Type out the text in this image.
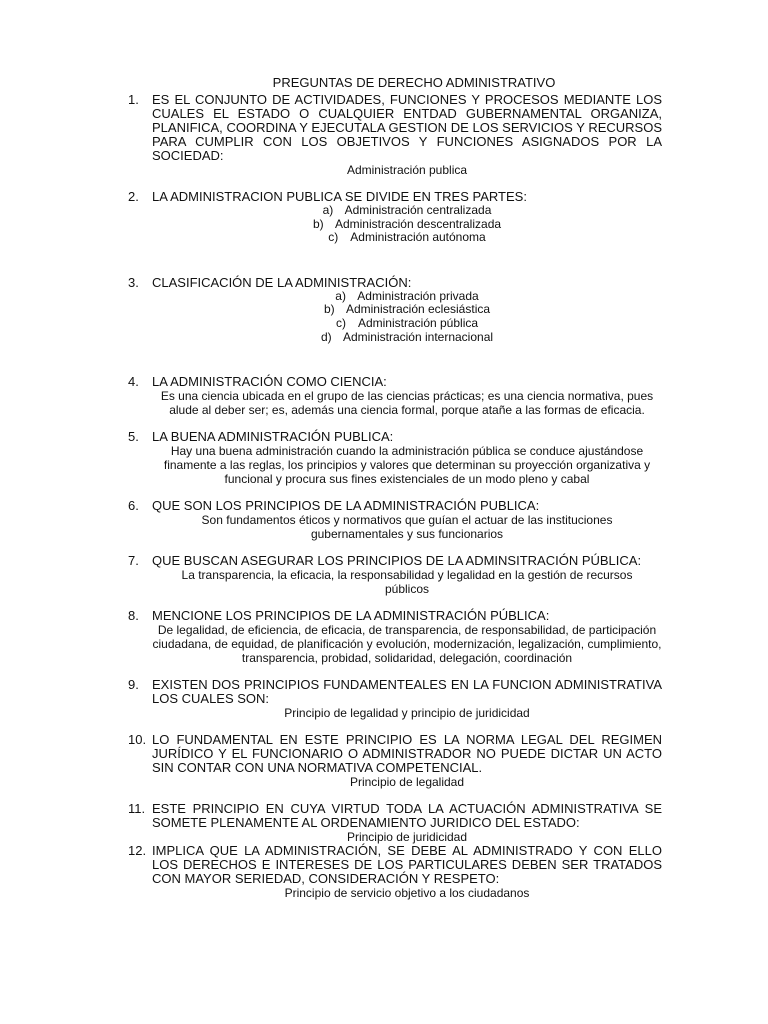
PREGUNTAS DE DERECHO ADMINISTRATIVO
1.	ES EL CONJUNTO DE ACTIVIDADES, FUNCIONES Y PROCESOS MEDIANTE LOS CUALES EL ESTADO O CUALQUIER ENTDAD GUBERNAMENTAL ORGANIZA, PLANIFICA, COORDINA Y EJECUTALA GESTION DE LOS SERVICIOS Y RECURSOS PARA CUMPLIR CON LOS OBJETIVOS Y FUNCIONES ASIGNADOS POR LA SOCIEDAD:
Administración publica
2.	LA ADMINISTRACION PUBLICA SE DIVIDE EN TRES PARTES:
a) Administración centralizada
b) Administración descentralizada
c) Administración autónoma
3.	CLASIFICACIÓN DE LA ADMINISTRACIÓN:
a) Administración privada
b) Administración eclesiástica
c) Administración pública
d) Administración internacional
4.	LA ADMINISTRACIÓN COMO CIENCIA:
Es una ciencia ubicada en el grupo de las ciencias prácticas; es una ciencia normativa, pues alude al deber ser; es, además una ciencia formal, porque atañe a las formas de eficacia.
5.	LA BUENA ADMINISTRACIÓN PUBLICA:
Hay una buena administración cuando la administración pública se conduce ajustándose finamente a las reglas, los principios y valores que determinan su proyección organizativa y funcional y procura sus fines existenciales de un modo pleno y cabal
6.	QUE SON LOS PRINCIPIOS DE LA ADMINISTRACIÓN PUBLICA:
Son fundamentos éticos y normativos que guían el actuar de las instituciones gubernamentales y sus funcionarios
7.	QUE BUSCAN ASEGURAR LOS PRINCIPIOS DE LA ADMINSITRACIÓN PÚBLICA:
La transparencia, la eficacia, la responsabilidad y legalidad en la gestión de recursos públicos
8.	MENCIONE LOS PRINCIPIOS DE LA ADMINISTRACIÓN PÚBLICA:
De legalidad, de eficiencia, de eficacia, de transparencia, de responsabilidad, de participación ciudadana, de equidad, de planificación y evolución, modernización, legalización, cumplimiento, transparencia, probidad, solidaridad, delegación, coordinación
9.	EXISTEN DOS PRINCIPIOS FUNDAMENTEALES EN LA FUNCION ADMINISTRATIVA LOS CUALES SON:
Principio de legalidad y principio de juridicidad
10. LO FUNDAMENTAL EN ESTE PRINCIPIO ES LA NORMA LEGAL DEL REGIMEN JURÍDICO Y EL FUNCIONARIO O ADMINISTRADOR NO PUEDE DICTAR UN ACTO SIN CONTAR CON UNA NORMATIVA COMPETENCIAL.
Principio de legalidad
11. ESTE PRINCIPIO EN CUYA VIRTUD TODA LA ACTUACIÓN ADMINISTRATIVA SE SOMETE PLENAMENTE AL ORDENAMIENTO JURIDICO DEL ESTADO:
Principio de juridicidad
12. IMPLICA QUE LA ADMINISTRACIÓN, SE DEBE AL ADMINISTRADO Y CON ELLO LOS DERECHOS E INTERESES DE LOS PARTICULARES DEBEN SER TRATADOS CON MAYOR SERIEDAD, CONSIDERACIÓN Y RESPETO:
Principio de servicio objetivo a los ciudadanos
